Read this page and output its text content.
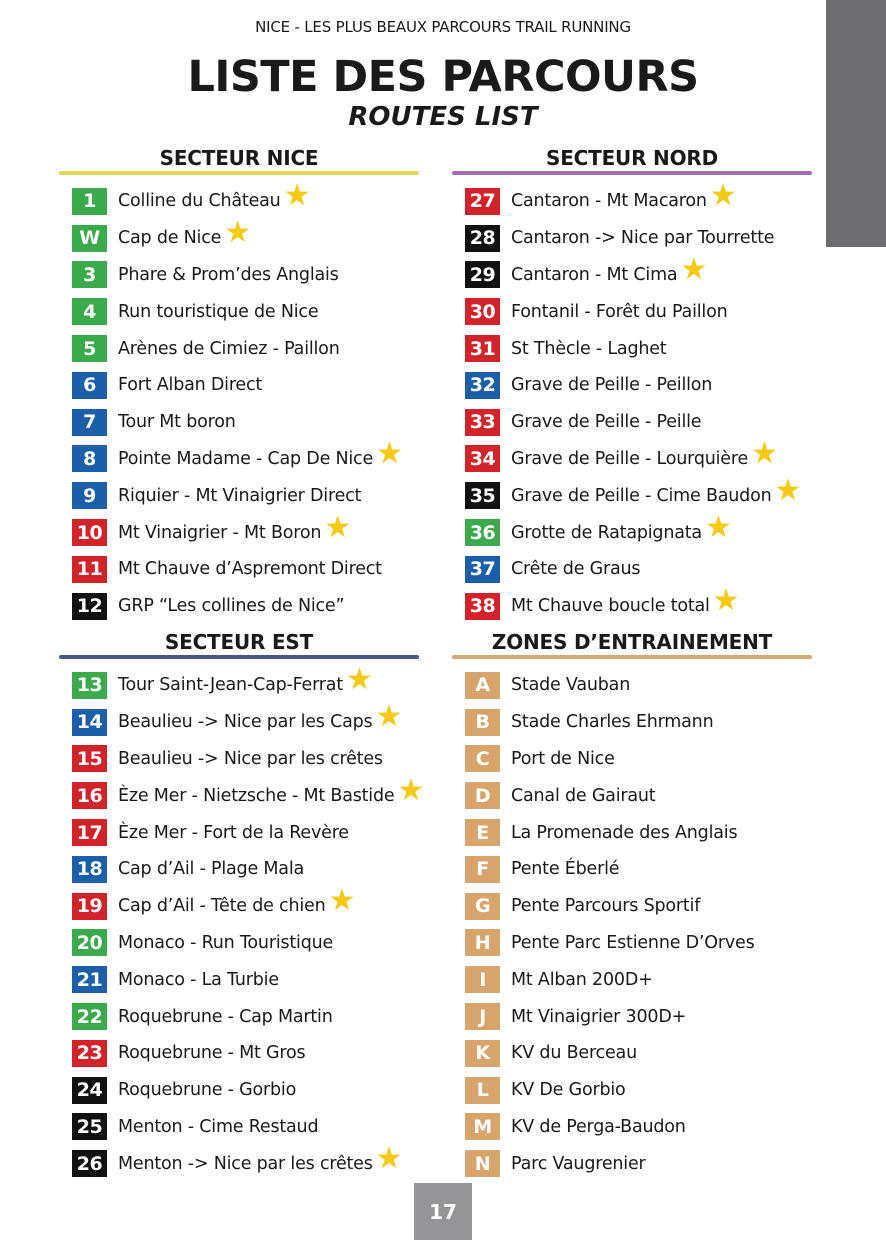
NICE - LES PLUS BEAUX PARCOURS TRAIL RUNNING
LISTE DES PARCOURS
ROUTES LIST
SECTEUR NICE
1	Colline du Château ★
W	Cap de Nice ★
3	Phare & Prom’des Anglais
4	Run touristique de Nice
5	Arènes de Cimiez - Paillon
6	Fort Alban Direct
7	Tour Mt boron
8	Pointe Madame - Cap De Nice ★
9	Riquier - Mt Vinaigrier Direct
10 Mt Vinaigrier - Mt Boron ★
11 Mt Chauve d’Aspremont Direct
12 GRP “Les collines de Nice”
SECTEUR NORD
27 Cantaron - Mt Macaron ★
28 Cantaron -> Nice par Tourrette
29 Cantaron - Mt Cima ★
30 Fontanil - Forêt du Paillon
31 St Thècle - Laghet
32 Grave de Peille - Peillon
33 Grave de Peille - Peille
34 Grave de Peille - Lourquière ★
35 Grave de Peille - Cime Baudon ★
36 Grotte de Ratapignata ★
37 Crête de Graus
38 Mt Chauve boucle total ★
SECTEUR EST
13 Tour Saint-Jean-Cap-Ferrat ★
14 Beaulieu -> Nice par les Caps ★
15 Beaulieu -> Nice par les crêtes
16 Èze Mer - Nietzsche - Mt Bastide ★
17 Èze Mer - Fort de la Revère
18 Cap d’Ail - Plage Mala
19 Cap d’Ail - Tête de chien ★
20 Monaco - Run Touristique
21 Monaco - La Turbie
22 Roquebrune - Cap Martin
23 Roquebrune - Mt Gros
24 Roquebrune - Gorbio
25 Menton - Cime Restaud
26 Menton -> Nice par les crêtes ★
ZONES D’ENTRAINEMENT
A	Stade Vauban
B	Stade Charles Ehrmann
C	Port de Nice
D	Canal de Gairaut
E	La Promenade des Anglais
F	Pente Éberlé
G	Pente Parcours Sportif
H	Pente Parc Estienne D’Orves
I	Mt Alban 200D+
J	Mt Vinaigrier 300D+
K	KV du Berceau
L	KV De Gorbio
M	KV de Perga-Baudon
N	Parc Vaugrenier
17
